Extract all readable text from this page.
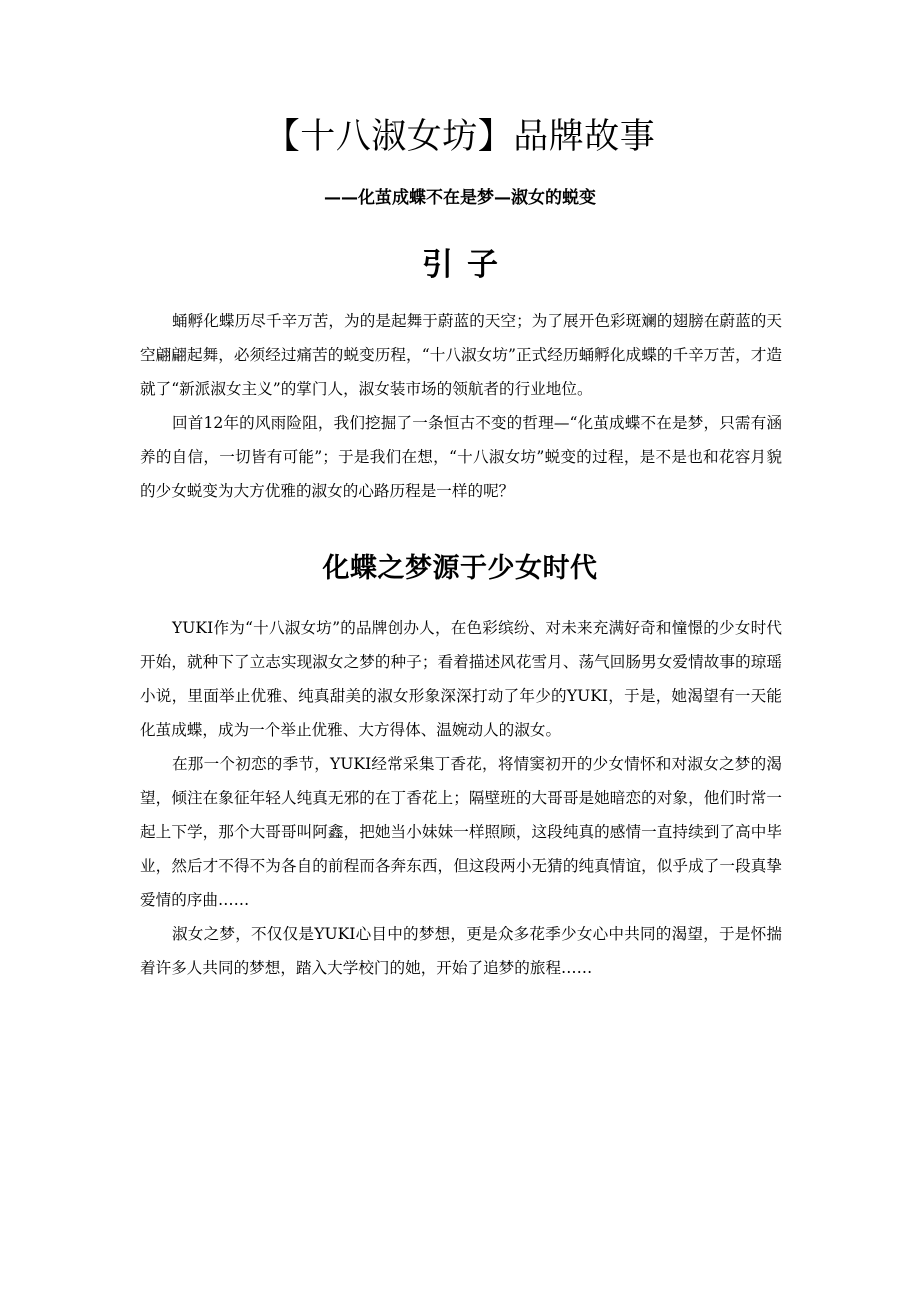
【十八淑女坊】品牌故事
——化茧成蝶不在是梦—淑女的蜕变
引子

蛹孵化蝶历尽千辛万苦，为的是起舞于蔚蓝的天空；为了展开色彩斑斓的翅膀在蔚蓝的天空翩翩起舞，必须经过痛苦的蜕变历程，“十八淑女坊”正式经历蛹孵化成蝶的千辛万苦，才造就了“新派淑女主义”的掌门人，淑女装市场的领航者的行业地位。

回首12年的风雨险阻，我们挖掘了一条恒古不变的哲理—“化茧成蝶不在是梦，只需有涵养的自信，一切皆有可能”；于是我们在想，“十八淑女坊”蜕变的过程，是不是也和花容月貌的少女蜕变为大方优雅的淑女的心路历程是一样的呢？

化蝶之梦源于少女时代

YUKI作为“十八淑女坊”的品牌创办人，在色彩缤纷、对未来充满好奇和憧憬的少女时代开始，就种下了立志实现淑女之梦的种子；看着描述风花雪月、荡气回肠男女爱情故事的琼瑶小说，里面举止优雅、纯真甜美的淑女形象深深打动了年少的YUKI，于是，她渴望有一天能化茧成蝶，成为一个举止优雅、大方得体、温婉动人的淑女。

在那一个初恋的季节，YUKI经常采集丁香花，将情窦初开的少女情怀和对淑女之梦的渴望，倾注在象征年轻人纯真无邪的在丁香花上；隔壁班的大哥哥是她暗恋的对象，他们时常一起上下学，那个大哥哥叫阿鑫，把她当小妹妹一样照顾，这段纯真的感情一直持续到了高中毕业，然后才不得不为各自的前程而各奔东西，但这段两小无猜的纯真情谊，似乎成了一段真挚爱情的序曲……

淑女之梦，不仅仅是YUKI心目中的梦想，更是众多花季少女心中共同的渴望，于是怀揣着许多人共同的梦想，踏入大学校门的她，开始了追梦的旅程……
